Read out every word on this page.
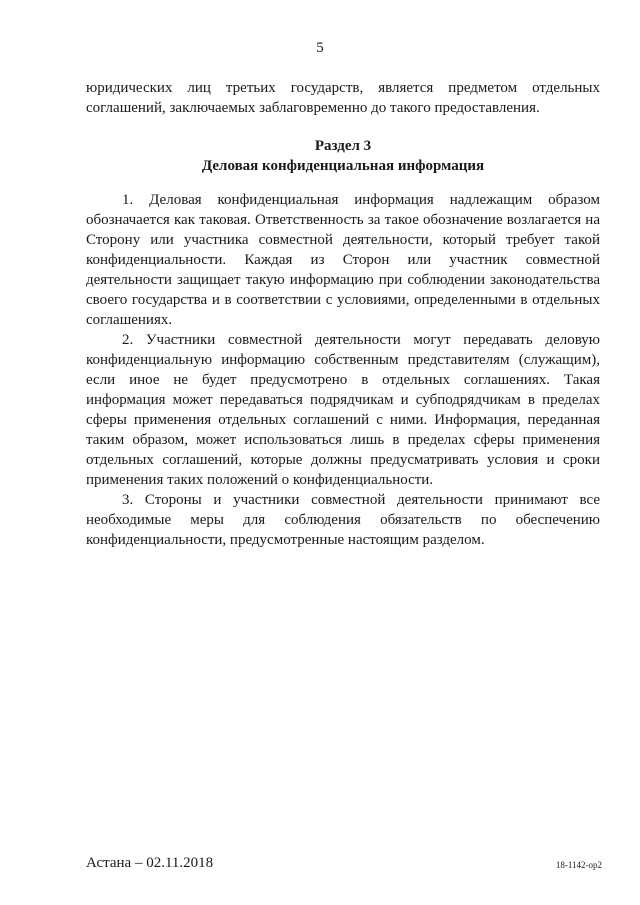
5

юридических лиц третьих государств, является предметом отдельных соглашений, заключаемых заблаговременно до такого предоставления.

Раздел 3
Деловая конфиденциальная информация

1. Деловая конфиденциальная информация надлежащим образом обозначается как таковая. Ответственность за такое обозначение возлагается на Сторону или участника совместной деятельности, который требует такой конфиденциальности. Каждая из Сторон или участник совместной деятельности защищает такую информацию при соблюдении законодательства своего государства и в соответствии с условиями, определенными в отдельных соглашениях.

2. Участники совместной деятельности могут передавать деловую конфиденциальную информацию собственным представителям (служащим), если иное не будет предусмотрено в отдельных соглашениях. Такая информация может передаваться подрядчикам и субподрядчикам в пределах сферы применения отдельных соглашений с ними. Информация, переданная таким образом, может использоваться лишь в пределах сферы применения отдельных соглашений, которые должны предусматривать условия и сроки применения таких положений о конфиденциальности.

3. Стороны и участники совместной деятельности принимают все необходимые меры для соблюдения обязательств по обеспечению конфиденциальности, предусмотренные настоящим разделом.

Астана – 02.11.2018	18-1142-ор2
